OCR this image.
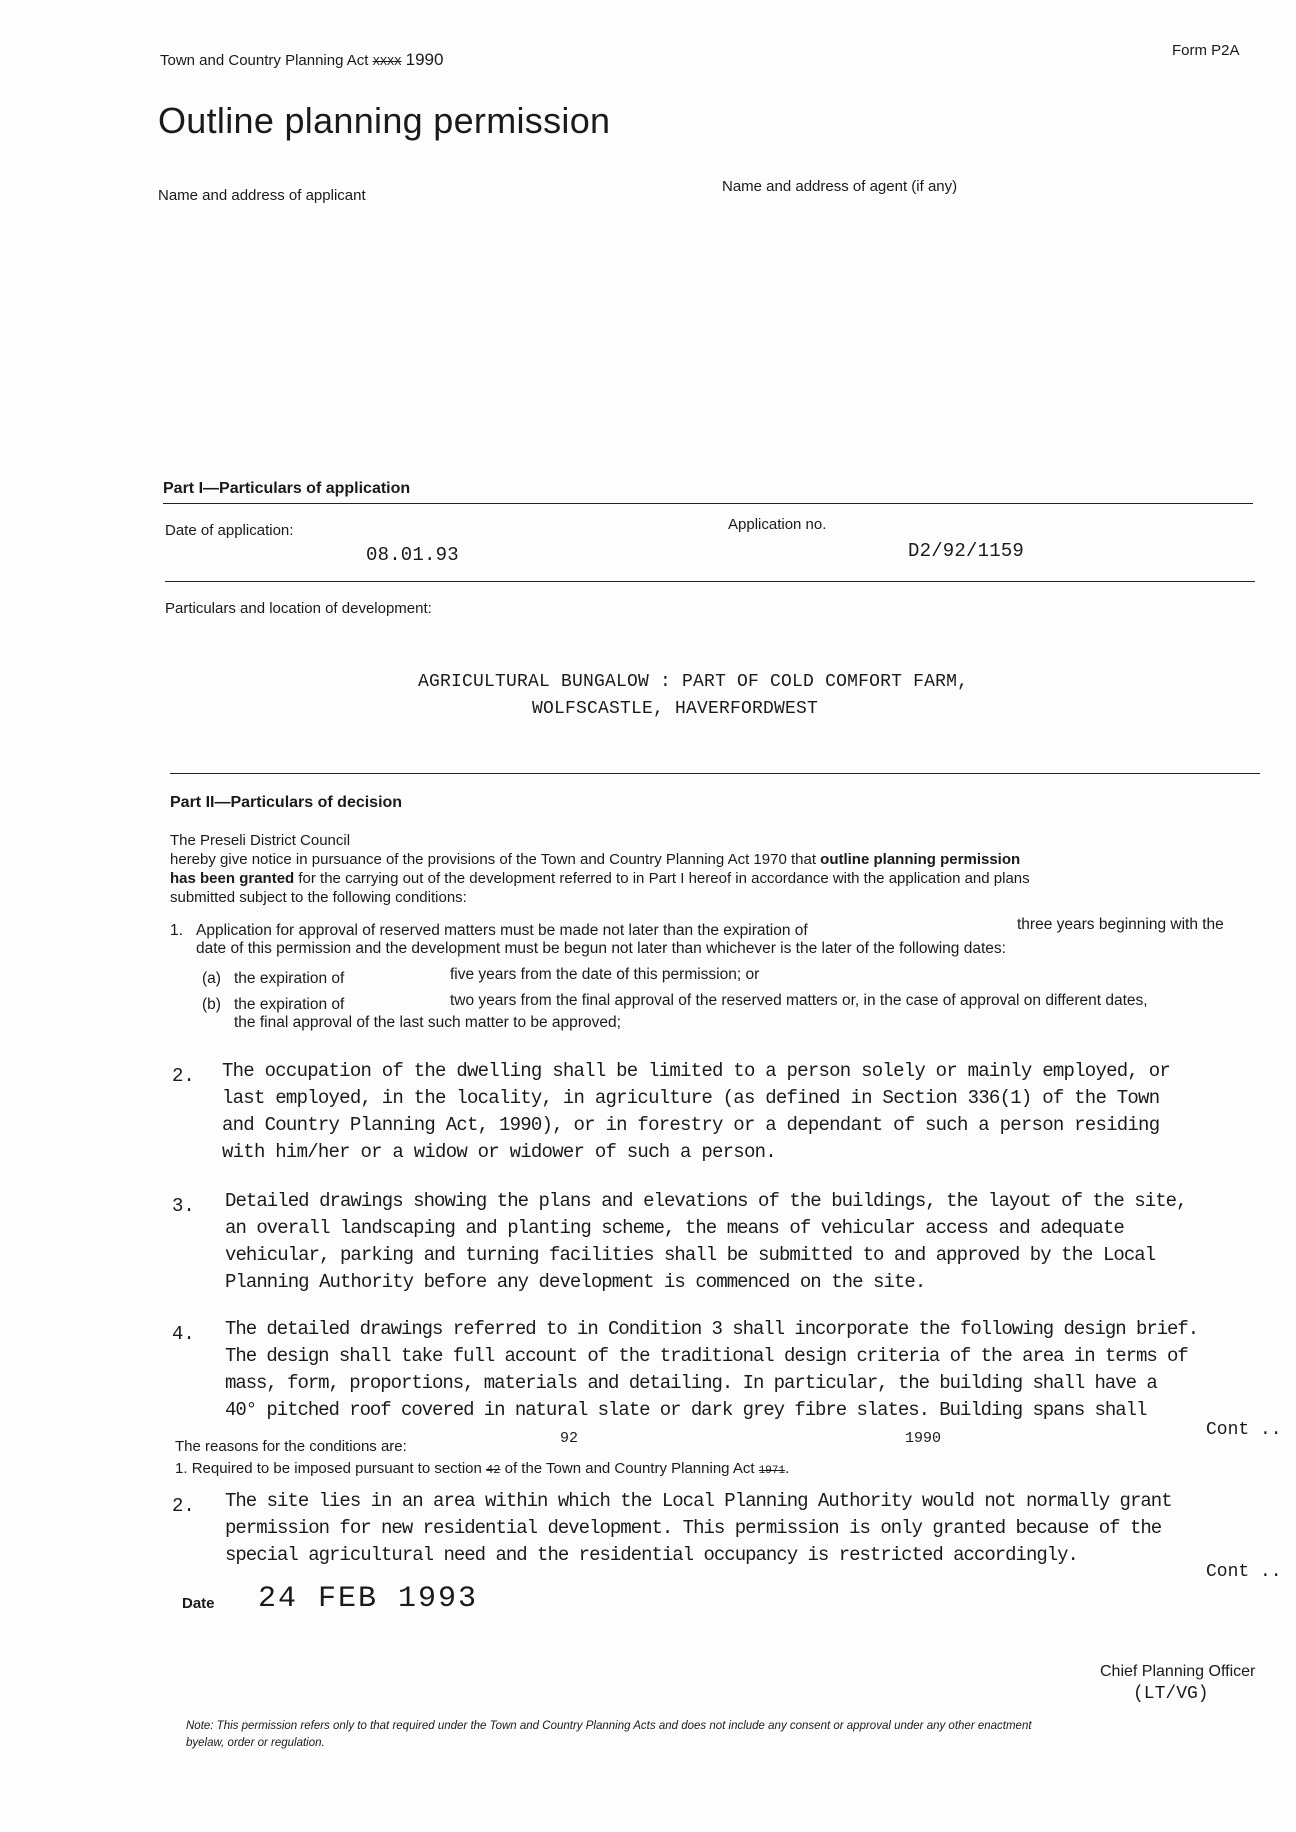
Town and Country Planning Act XXXX 1990	Form P2A
Outline planning permission
Name and address of applicant
Name and address of agent (if any)
Part I—Particulars of application
Date of application:	Application no.
08.01.93	D2/92/1159
Particulars and location of development:
AGRICULTURAL BUNGALOW : PART OF COLD COMFORT FARM,
WOLFSCASTLE, HAVERFORDWEST
Part II—Particulars of decision
The Preseli District Council
hereby give notice in pursuance of the provisions of the Town and Country Planning Act 1970 that outline planning permission
has been granted for the carrying out of the development referred to in Part I hereof in accordance with the application and plans
submitted subject to the following conditions:
1. Application for approval of reserved matters must be made not later than the expiration of	three years beginning with the
date of this permission and the development must be begun not later than whichever is the later of the following dates:
(a) the expiration of	five years from the date of this permission; or
(b) the expiration of	two years from the final approval of the reserved matters or, in the case of approval on different dates,
the final approval of the last such matter to be approved;
2. The occupation of the dwelling shall be limited to a person solely or mainly employed, or
last employed, in the locality, in agriculture (as defined in Section 336(1) of the Town
and Country Planning Act, 1990), or in forestry or a dependant of such a person residing
with him/her or a widow or widower of such a person.
3. Detailed drawings showing the plans and elevations of the buildings, the layout of the site,
an overall landscaping and planting scheme, the means of vehicular access and adequate
vehicular, parking and turning facilities shall be submitted to and approved by the Local
Planning Authority before any development is commenced on the site.
4. The detailed drawings referred to in Condition 3 shall incorporate the following design brief.
The design shall take full account of the traditional design criteria of the area in terms of
mass, form, proportions, materials and detailing. In particular, the building shall have a
40° pitched roof covered in natural slate or dark grey fibre slates. Building spans shall
Cont ..
The reasons for the conditions are:	92	1990
1. Required to be imposed pursuant to section 42 of the Town and Country Planning Act 1971.
2. The site lies in an area within which the Local Planning Authority would not normally grant
permission for new residential development. This permission is only granted because of the
special agricultural need and the residential occupancy is restricted accordingly.
Cont ..
Date 24 FEB 1993
Chief Planning Officer
(LT/VG)
Note: This permission refers only to that required under the Town and Country Planning Acts and does not include any consent or approval under any other enactment
byelaw, order or regulation.
